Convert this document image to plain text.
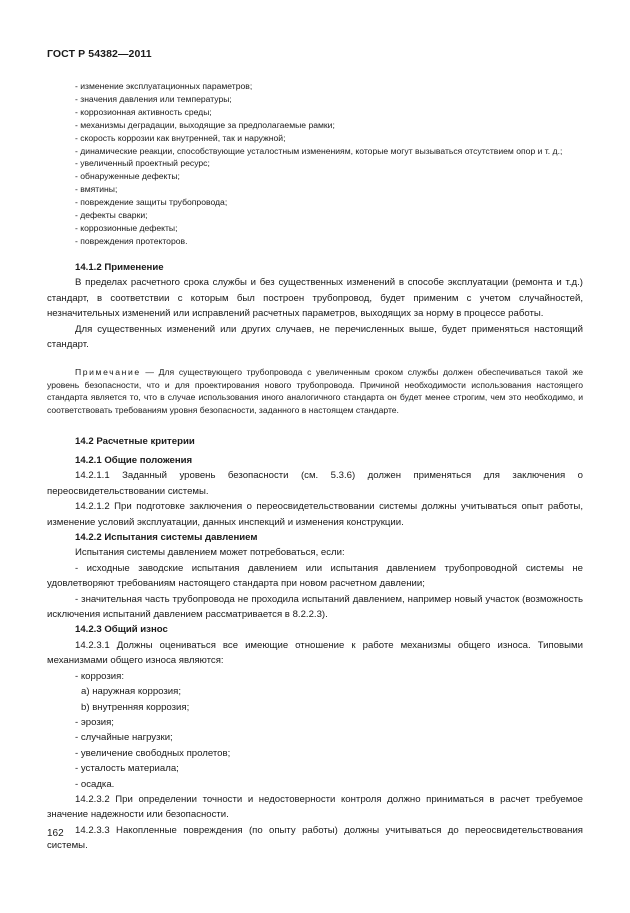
ГОСТ Р 54382—2011

- изменение эксплуатационных параметров;

- значения давления или температуры;

- коррозионная активность среды;

- механизмы деградации, выходящие за предполагаемые рамки;

- скорость коррозии как внутренней, так и наружной;

- динамические реакции, способствующие усталостным изменениям, которые могут вызываться отсутствием опор и т. д.;

- увеличенный проектный ресурс;

- обнаруженные дефекты;

- вмятины;

- повреждение защиты трубопровода;

- дефекты сварки;

- коррозионные дефекты;

- повреждения протекторов.

14.1.2 Применение

В пределах расчетного срока службы и без существенных изменений в способе эксплуатации (ремонта и т.д.) стандарт, в соответствии с которым был построен трубопровод, будет применим с учетом случайностей, незначительных изменений или исправлений расчетных параметров, выходящих за норму в процессе работы.

Для существенных изменений или других случаев, не перечисленных выше, будет применяться настоящий стандарт.

Примечание — Для существующего трубопровода с увеличенным сроком службы должен обеспечиваться такой же уровень безопасности, что и для проектирования нового трубопровода. Причиной необходимости использования настоящего стандарта является то, что в случае использования иного аналогичного стандарта он будет менее строгим, чем это необходимо, и соответствовать требованиям уровня безопасности, заданного в настоящем стандарте.

14.2 Расчетные критерии

14.2.1 Общие положения

14.2.1.1 Заданный уровень безопасности (см. 5.3.6) должен применяться для заключения о переосвидетельствовании системы.

14.2.1.2 При подготовке заключения о переосвидетельствовании системы должны учитываться опыт работы, изменение условий эксплуатации, данных инспекций и изменения конструкции.

14.2.2 Испытания системы давлением

Испытания системы давлением может потребоваться, если:

- исходные заводские испытания давлением или испытания давлением трубопроводной системы не удовлетворяют требованиям настоящего стандарта при новом расчетном давлении;

- значительная часть трубопровода не проходила испытаний давлением, например новый участок (возможность исключения испытаний давлением рассматривается в 8.2.2.3).

14.2.3 Общий износ

14.2.3.1 Должны оцениваться все имеющие отношение к работе механизмы общего износа. Типовыми механизмами общего износа являются:

- коррозия:

а) наружная коррозия;

b) внутренняя коррозия;

- эрозия;

- случайные нагрузки;

- увеличение свободных пролетов;

- усталость материала;

- осадка.

14.2.3.2 При определении точности и недостоверности контроля должно приниматься в расчет требуемое значение надежности или безопасности.

14.2.3.3 Накопленные повреждения (по опыту работы) должны учитываться до переосвидетельствования системы.

162
